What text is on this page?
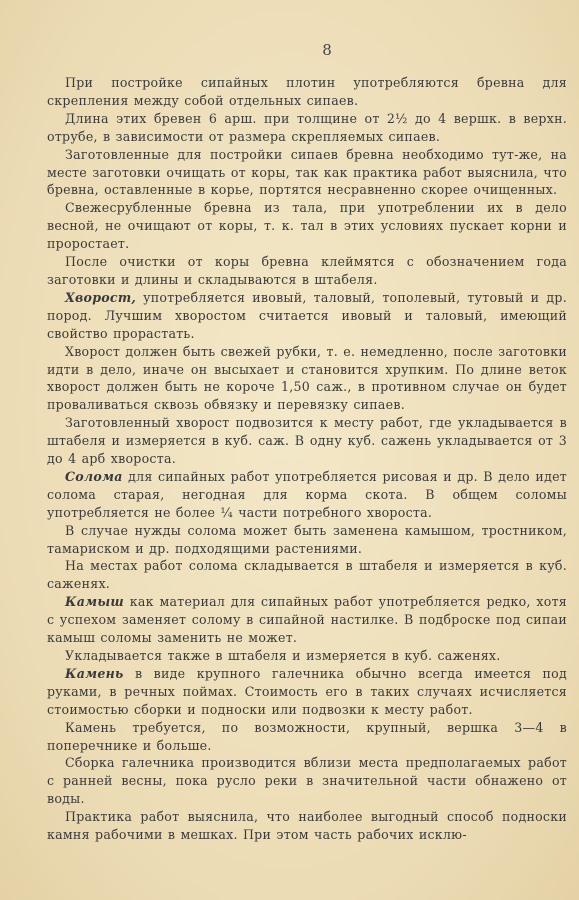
8

При постройке сипайных плотин употребляются бревна для скрепления между собой отдельных сипаев.

Длина этих бревен 6 арш. при толщине от 2½ до 4 вершк. в верхн. отрубе, в зависимости от размера скрепляемых сипаев.

Заготовленные для постройки сипаев бревна необходимо тут-же, на месте заготовки очищать от коры, так как практика работ выяснила, что бревна, оставленные в корье, портятся несравненно скорее очищенных.

Свежесрубленные бревна из тала, при употреблении их в дело весной, не очищают от коры, т. к. тал в этих условиях пускает корни и пророcтает.

После очистки от коры бревна клеймятся с обозначением года заготовки и длины и складываются в штабеля.

Хворост, употребляется ивовый, таловый, тополевый, тутовый и др. пород. Лучшим хворостом считается ивовый и таловый, имеющий свойство прорастать.

Хворост должен быть свежей рубки, т. е. немедленно, после заготовки идти в дело, иначе он высыхает и становится хрупким. По длине веток хворост должен быть не короче 1,50 саж., в противном случае он будет проваливаться сквозь обвязку и перевязку сипаев.

Заготовленный хворост подвозится к месту работ, где укладывается в штабеля и измеряется в куб. саж. В одну куб. сажень укладывается от 3 до 4 арб хвороста.

Солома для сипайных работ употребляется рисовая и др. В дело идет солома старая, негодная для корма скота. В общем соломы употребляется не более ¼ части потребного хвороста.

В случае нужды солома может быть заменена камышом, тростником, тамариском и др. подходящими растениями.

На местах работ солома складывается в штабеля и измеряется в куб. саженях.

Камыш как материал для сипайных работ употребляется редко, хотя с успехом заменяет солому в сипайной настилке. В подброске под сипаи камыш соломы заменить не может.

Укладывается также в штабеля и измеряется в куб. саженях.

Камень в виде крупного галечника обычно всегда имеется под руками, в речных поймах. Стоимость его в таких случаях исчисляется стоимостью сборки и подноски или подвозки к месту работ.

Камень требуется, по возможности, крупный, вершка 3—4 в поперечнике и больше.

Сборка галечника производится вблизи места предполагаемых работ с ранней весны, пока русло реки в значительной части обнажено от воды.

Практика работ выяснила, что наиболее выгодный способ подноски камня рабочими в мешках. При этом часть рабочих исклю-
